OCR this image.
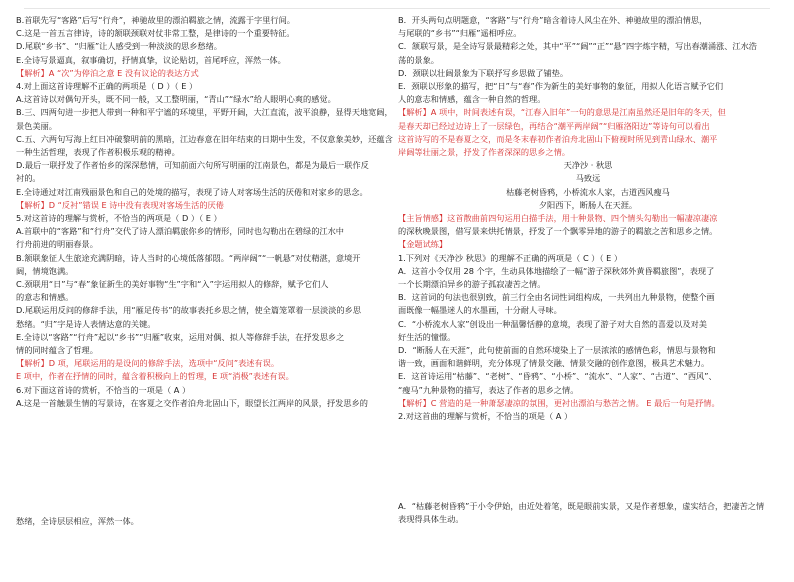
B.首联先写“客路”后写“行舟”，神驰故里的漂泊羁旅之情，流露于字里行间。
C.这是一首五言律诗，诗的颔联颈联对仗非常工整，是律诗的一个重要特征。
D.尾联“乡书”、“归雁”让人感受到一种淡淡的思乡愁绪。
E.全诗写景逼真，叙事确切，抒情真挚，议论贴切，首尾呼应，浑然一体。
【解析】A “次”为停泊之意 E 没有议论的表达方式
4.对上面这首诗理解不正确的两项是（ D ）（ E ）
A.这首诗以对偶句开头，既不同一般，又工整明丽，“青山”“绿水”给人眼明心爽的感觉。
B.三、四两句进一步把人带到一种和平宁谧的环境里，平野开阔，大江直流，波平浪静，显得天地宽阔，
景色美丽。
C.五、六两句写海上红日冲破黎明前的黑暗，江边春意在旧年结束的日期中生发，不仅意象美妙，还蕴含
一种生活哲理，表现了作者积极乐观的精神。
D.最后一联抒发了作者怡乡的深深愁情，可知前面六句所写明丽的江南景色，都是为最后一联作反
衬的。
E.全诗通过对江南残丽景色和自己的处境的描写，表现了诗人对客场生活的厌倦和对家乡的思念。
【解析】D “反衬”错误 E 诗中没有表现对客场生活的厌倦
5.对这首诗的理解与赏析，不恰当的两项是（ D ）（ E ）
A.首联中的“客路”和“行舟”交代了诗人漂泊羁旅你乡的情形，同时也勾勒出在碧绿的江水中
行舟前进的明丽春景。
B.颔联象征人生旅途充满阴暗，诗人当时的心境低落郁悶。“两岸阔”“一帆悬”对仗精湛，意境开
阔，情境饱满。
C.颈联用“日”与“春”象征新生的美好事物“生”字和“入”字运用拟人的修辞，赋予它们人
的意志和情感。
D.尾联运用反问的修辞手法，用“雁足传书”的故事表托乡思之情，使全篇笼罩着一层淡淡的乡思
愁绪。“归”字是诗人表情达意的关键。
E.全诗以“客路”“行舟”起以“乡书”“归雁”收束，运用对偶、拟人等修辞手法，在抒发思乡之
情的同时蕴含了哲理。
【解析】D 项，尾联运用的是设问的修辞手法，选项中“反问”表述有误。
E 项中，作者在抒情的同时，蕴含着积极向上的哲理，E 项“消极”表述有误。
6.对下面这首诗的赏析，不恰当的一项是（ A ）
A.这是一首触景生情的写景诗，在客夏之交作者泊舟北固山下，眼望长江两岸的风景，抒发思乡的
愁绪，全诗层层相应，浑然一体。
B．开头两句点明题意，“客路”与“行舟”暗含着诗人风尘在外、神驰故里的漂泊情思，
与尾联的“乡书”“归雁”遥相呼应。
C．颔联写景，是全诗写景最精彩之处，其中“平”“阔”“正”“悬”四字炼字精，写出春潮涌涨、江水浩
荡的景象。
D．颈联以壮阔景象为下联抒写乡思做了铺垫。
E．颈联以形象的描写，把“日”与“春”作为新生的美好事物的象征，用拟人化语言赋予它们
人的意志和情感，蕴含一种自然的哲理。
【解析】A 项中，时间表述有误，“江春入旧年”一句的意思是江南虽然还是旧年的冬天，但
是春天却已经过边诗上了一层绿色，再结合“潮平两岸阔”“归雁洛阳边”等诗句可以看出
这首诗写的不是春夏之交，而是冬末春初作者泊舟北固山下俯视时所见到青山绿水、潮平
岸阔等壮丽之景，抒发了作者深深的思乡之情。
天净沙 · 秋思
马致远
枯藤老树昏鸦，小桥流水人家，古道西风瘦马
夕阳西下，断肠人在天涯。
【主旨情感】这首散曲前四句运用白描手法，用十种景物、四个情头勾勒出一幅凄凉凄凉
的深秋晚景图，借写景来烘托情景，抒发了一个飘零异地的游子的羁旅之苦和思乡之情。
【金题试练】
1.下列对《天净沙 秋思》的理解不正确的两项是（ C ）（ E ）
A．这首小令仅用 28 个字，生动具体地描绘了一幅“游子深秋郊外黄昏羁旅图”，表现了
一个长期漂泊异乡的游子孤寂凄苦之情。
B．这首词的句法也很别致，前三行全由名词性词组构成，一共列出九种景物，使整个画
面既像一幅墨迷人的水墨画，十分耐人寻味。
C．“小桥流水人家”创设出一种温馨恬静的意境，表现了游子对大自然的喜爱以及对美
好生活的憧憬。
D．“断肠人在天涯”，此句使前面的自然环境染上了一层浓浓的感情色彩，情思与景物和
谐一致，画面和谐鲜明，充分体现了情景交融、情景交融的创作意图，极具艺术魅力。
E．这首诗运用“枯藤”、“老树”、“昏鸦”、“小桥”、“流水”、“人家”、“古道”、“西风”、
“瘦马”九种景物的描写，表达了作者的思乡之情。
【解析】C 营造的是一种萧瑟凄凉的氛围，更衬出漂泊与愁苦之情。 E 最后一句是抒情。
2.对这首曲的理解与赏析，不恰当的项是（ A ）
A．“枯藤老树昏鸦”于小令伊始，由近处着笔，既是眼前实景，又是作者想象，虚实结合，把凄苦之情
表现得具体生动。
